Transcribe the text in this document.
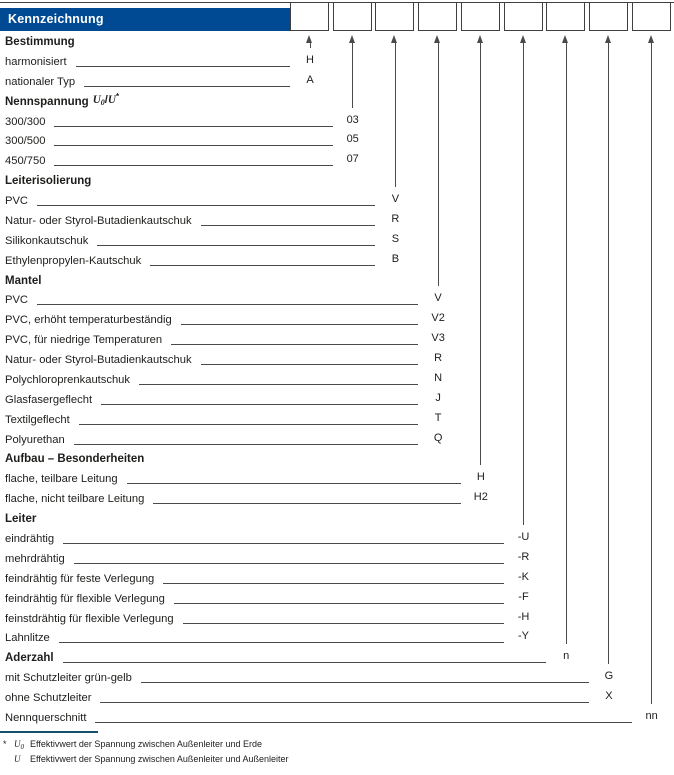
Kennzeichnung
* $U_0$ Effektivwert der Spannung zwischen Außenleiter und Erde
U	Effektivwert der Spannung zwischen Außenleiter und Außenleiter
Bestimmung
H
harmonisiert
A
nationaler Typ
Nennspannung $U_0/U^*$
03
300/300
05
300/500
07
450/750
Leiterisolierung
V
PVC
R
Natur- oder Styrol-Butadienkautschuk
S
Silikonkautschuk
B
Ethylenpropylen-Kautschuk
Mantel
V
PVC
V2
PVC, erhöht temperaturbeständig
V3
PVC, für niedrige Temperaturen
R
Natur- oder Styrol-Butadienkautschuk
N
Polychloroprenkautschuk
J
Glasfasergeflecht
T
Textilgeflecht
Q
Polyurethan
Aufbau – Besonderheiten
H
flache, teilbare Leitung
H2
flache, nicht teilbare Leitung
Leiter
-U
eindrähtig
-R
mehrdrähtig
-K
feindrähtig für feste Verlegung
-F
feindrähtig für flexible Verlegung
-H
feinstdrähtig für flexible Verlegung
-Y
Lahnlitze
n
Aderzahl
G
mit Schutzleiter grün-gelb
X
ohne Schutzleiter
nn
Nennquerschnitt
